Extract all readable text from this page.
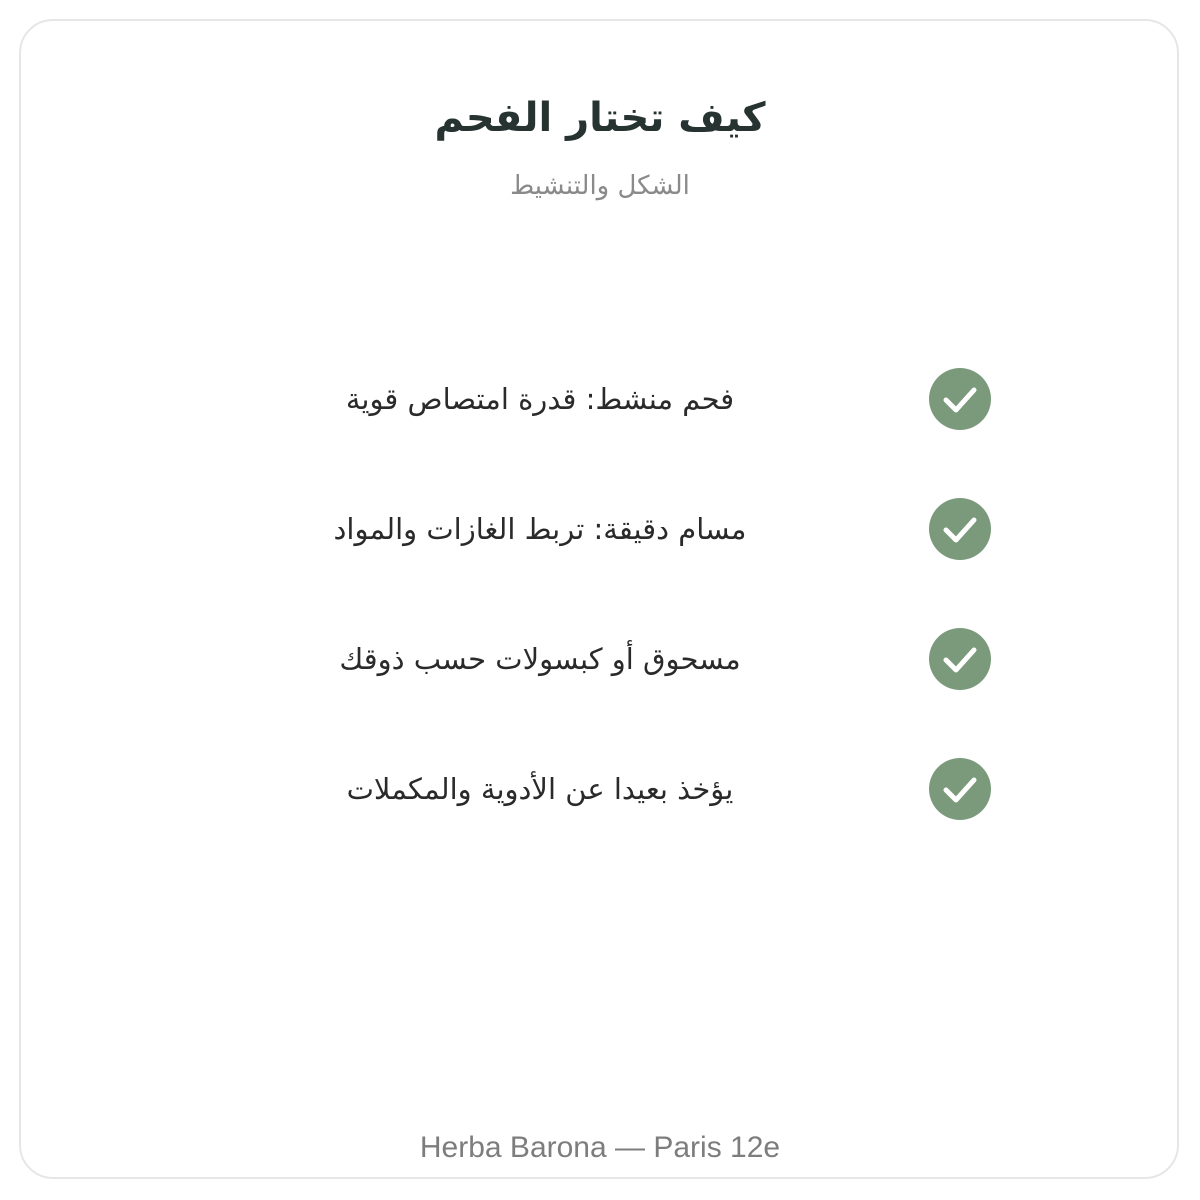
كيف تختار الفحم
الشكل والتنشيط
فحم منشط: قدرة امتصاص قوية
مسام دقيقة: تربط الغازات والمواد
مسحوق أو كبسولات حسب ذوقك
يؤخذ بعيدا عن الأدوية والمكملات
Herba Barona — Paris 12e
